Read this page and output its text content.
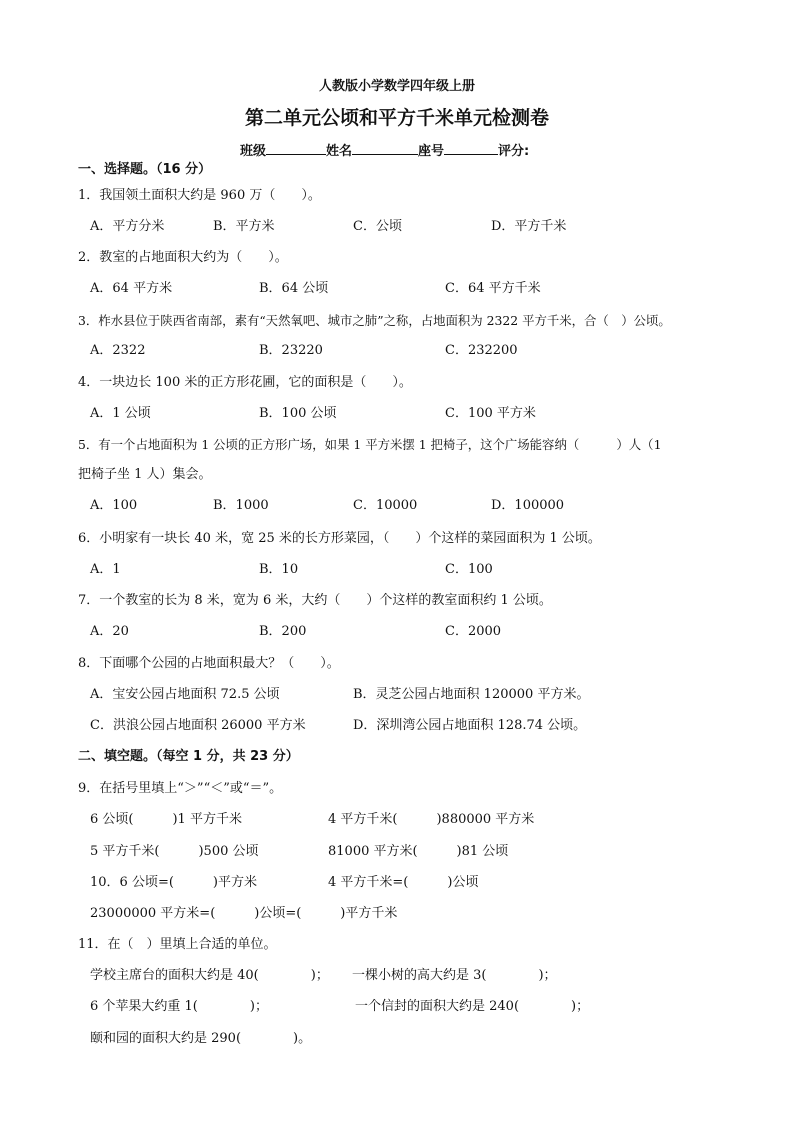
人教版小学数学四年级上册
第二单元公顷和平方千米单元检测卷
班级	姓名	座号	评分:
一、选择题。（16 分）
1．我国领土面积大约是 960 万（　　）。
A．平方分米	B．平方米	C．公顷	D．平方千米
2．教室的占地面积大约为（　　）。
A．64 平方米	B．64 公顷	C．64 平方千米
3．柞水县位于陕西省南部，素有“天然氧吧、城市之肺”之称，占地面积为 2322 平方千米，合（　）公顷。
A．2322	B．23220	C．232200
4．一块边长 100 米的正方形花圃，它的面积是（　　）。
A．1 公顷	B．100 公顷	C．100 平方米
5．有一个占地面积为 1 公顷的正方形广场，如果 1 平方米摆 1 把椅子，这个广场能容纳（　　　）人（1
把椅子坐 1 人）集会。
A．100	B．1000	C．10000	D．100000
6．小明家有一块长 40 米，宽 25 米的长方形菜园，（　　）个这样的菜园面积为 1 公顷。
A．1	B．10	C．100
7．一个教室的长为 8 米，宽为 6 米，大约（　　）个这样的教室面积约 1 公顷。
A．20	B．200	C．2000
8．下面哪个公园的占地面积最大？（　　）。
A．宝安公园占地面积 72.5 公顷	B．灵芝公园占地面积 120000 平方米。
C．洪浪公园占地面积 26000 平方米	D．深圳湾公园占地面积 128.74 公顷。
二、填空题。（每空 1 分，共 23 分）
9．在括号里填上“＞”“＜”或“＝”。
6 公顷(　　　)1 平方千米	4 平方千米(　　　)880000 平方米
5 平方千米(　　　)500 公顷	81000 平方米(　　　)81 公顷
10．6 公顷=(　　　)平方米	4 平方千米=(　　　)公顷
23000000 平方米=(　　　)公顷=(　　　)平方千米
11．在（　）里填上合适的单位。
学校主席台的面积大约是 40(　　　　)； 一棵小树的高大约是 3(　　　　)；
6 个苹果大约重 1(　　　　)；	一个信封的面积大约是 240(　　　　)；
颐和园的面积大约是 290(　　　　)。
